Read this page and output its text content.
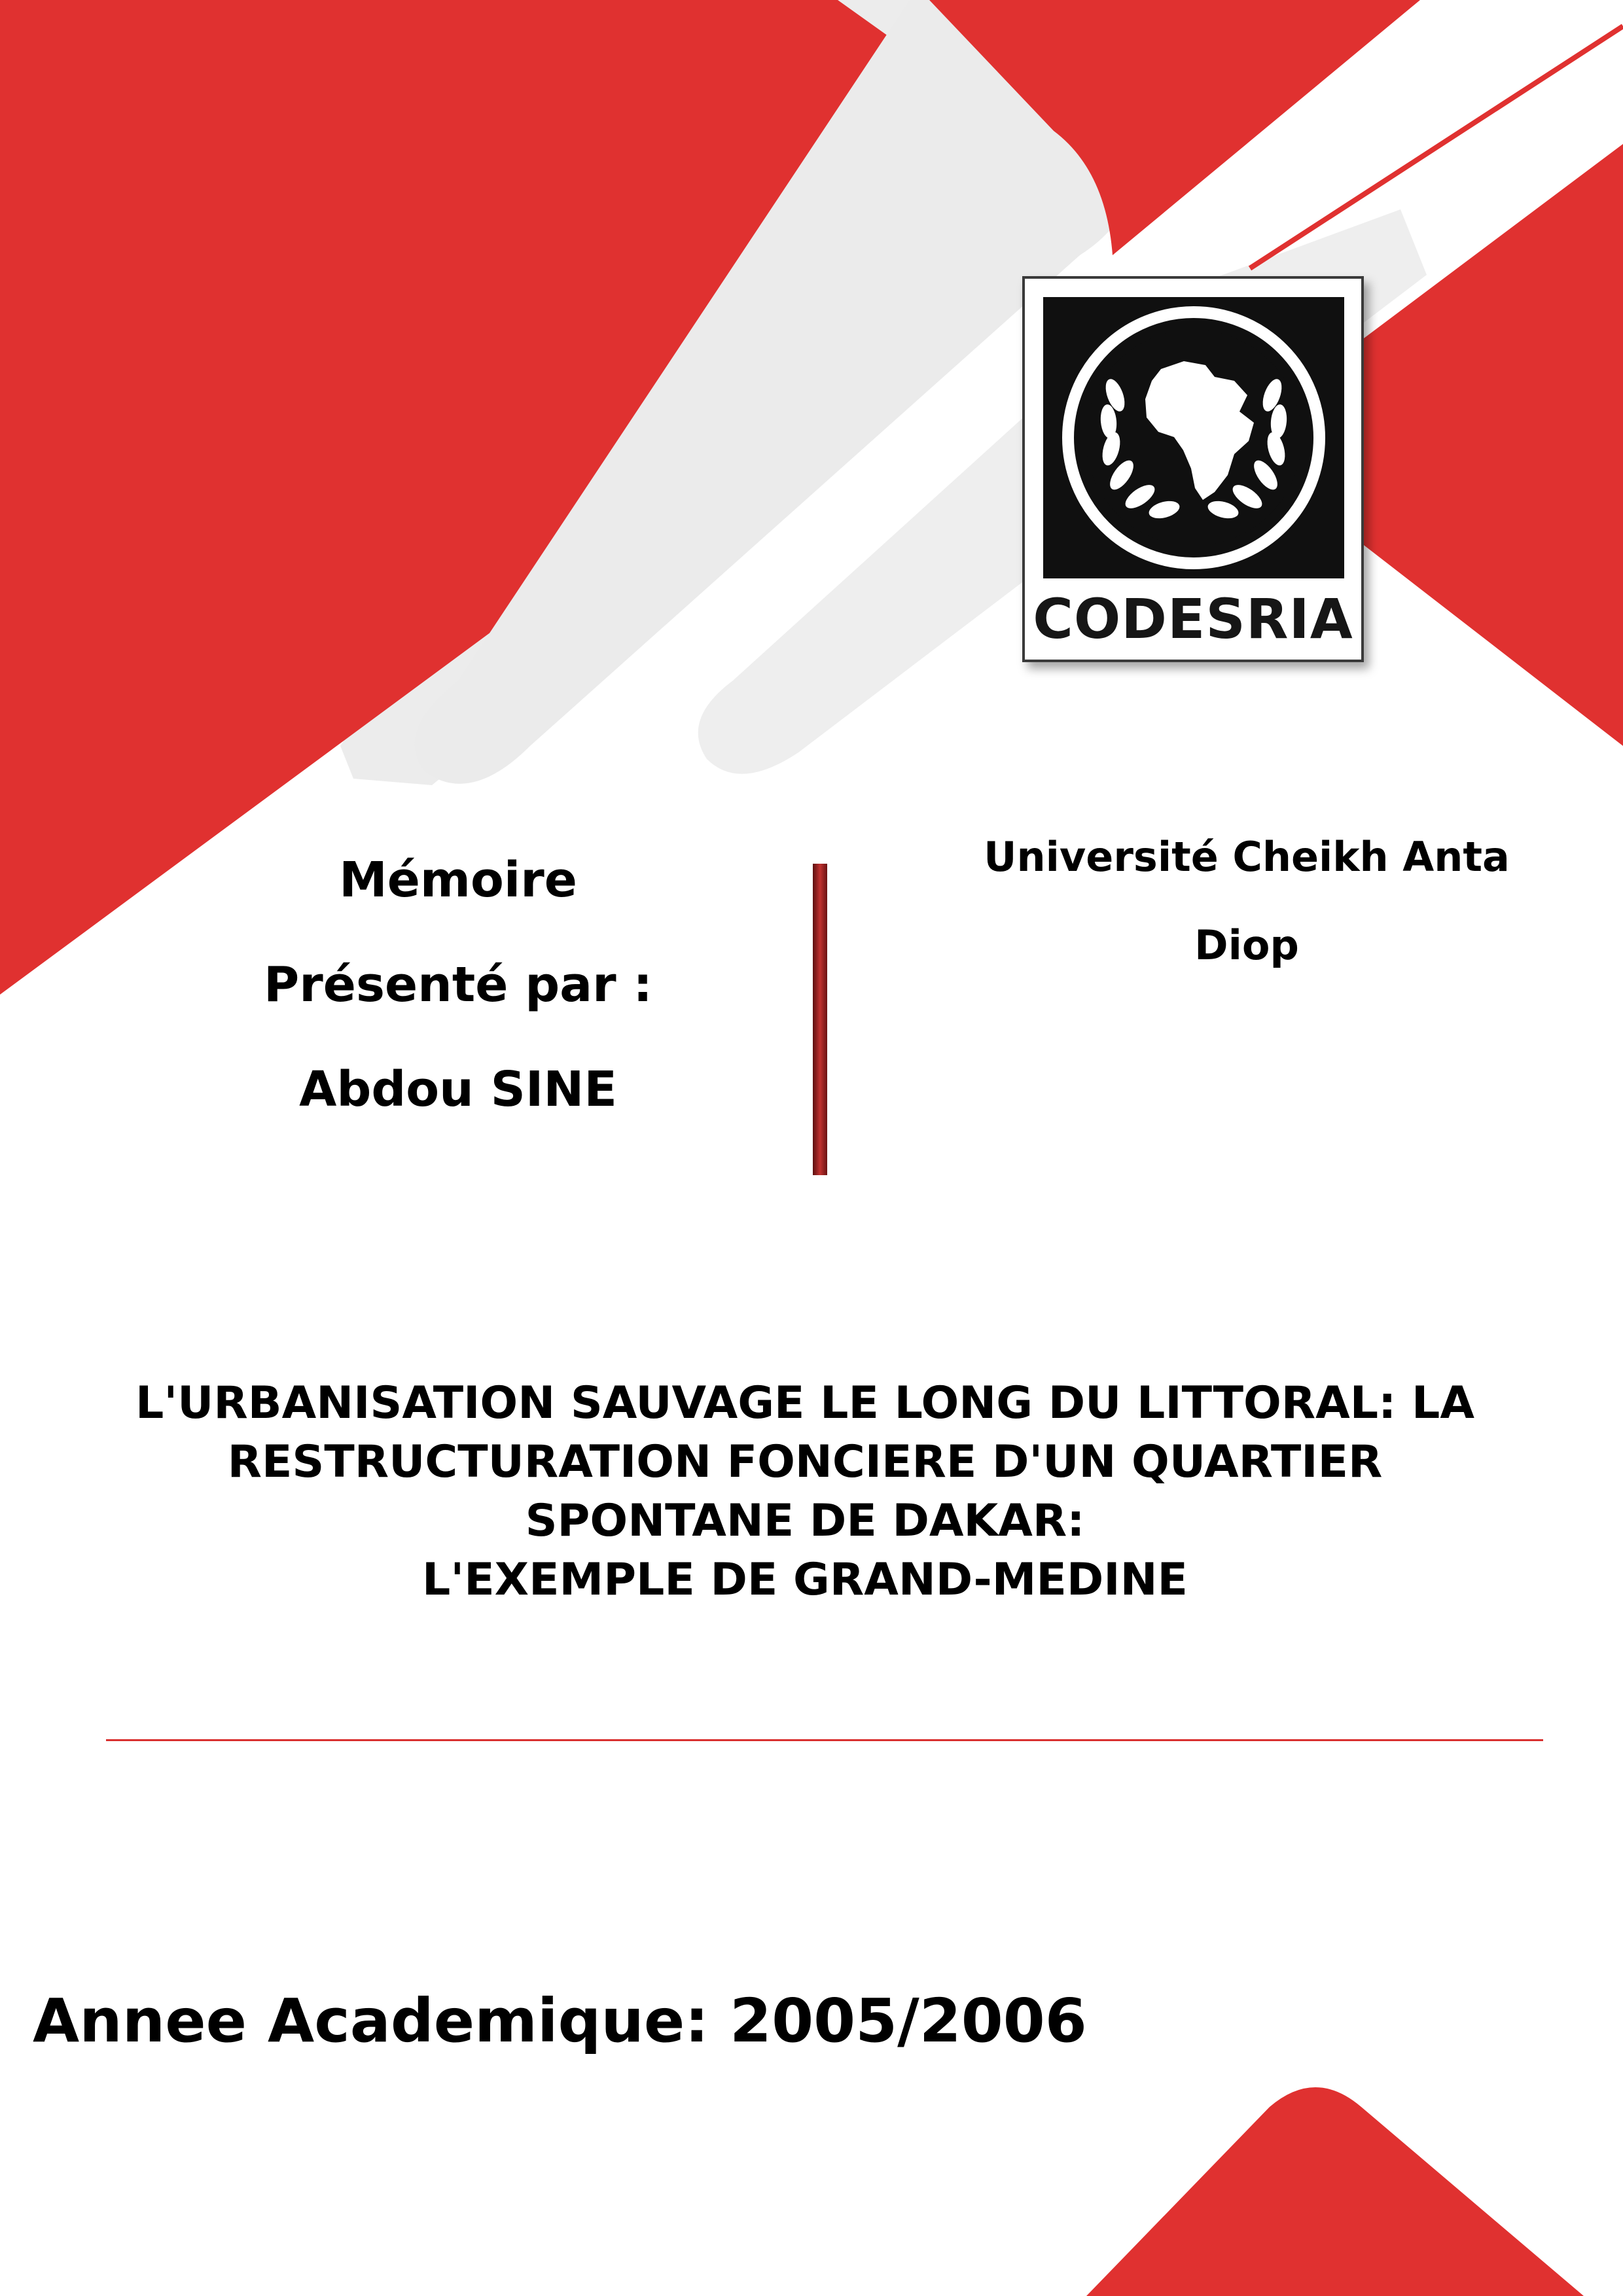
CODESRIA
Mémoire
Présenté par :
Abdou SINE
Université Cheikh Anta
Diop
L'URBANISATION SAUVAGE LE LONG DU LITTORAL: LA
RESTRUCTURATION FONCIERE D'UN QUARTIER
SPONTANE DE DAKAR:
L'EXEMPLE DE GRAND-MEDINE
Annee Academique: 2005/2006
